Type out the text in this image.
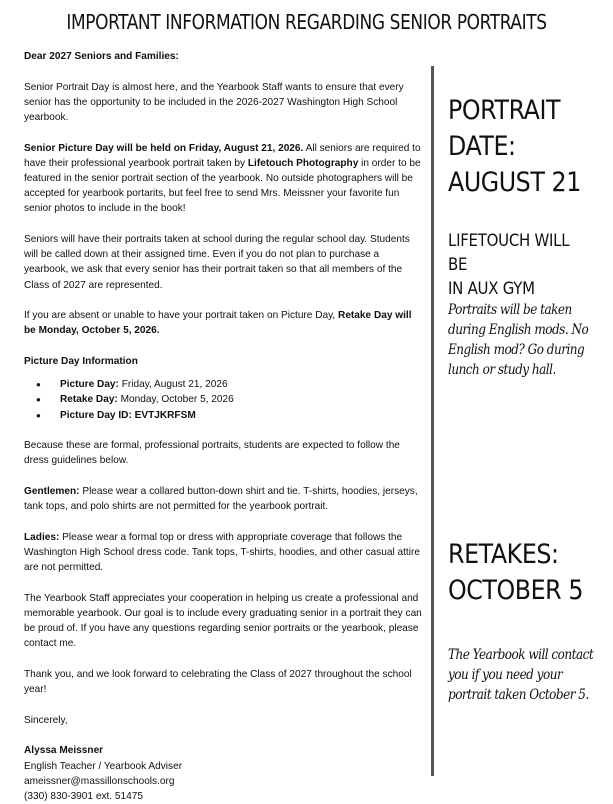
IMPORTANT INFORMATION REGARDING SENIOR PORTRAITS

Dear 2027 Seniors and Families:

Senior Portrait Day is almost here, and the Yearbook Staff wants to ensure that every senior has the opportunity to be included in the 2026-2027 Washington High School yearbook.

Senior Picture Day will be held on Friday, August 21, 2026. All seniors are required to have their professional yearbook portrait taken by Lifetouch Photography in order to be featured in the senior portrait section of the yearbook. No outside photographers will be accepted for yearbook portarits, but feel free to send Mrs. Meissner your favorite fun senior photos to include in the book!

Seniors will have their portraits taken at school during the regular school day. Students will be called down at their assigned time. Even if you do not plan to purchase a yearbook, we ask that every senior has their portrait taken so that all members of the Class of 2027 are represented.

If you are absent or unable to have your portrait taken on Picture Day, Retake Day will be Monday, October 5, 2026.

Picture Day Information

● Picture Day: Friday, August 21, 2026
● Retake Day: Monday, October 5, 2026
● Picture Day ID: EVTJKRFSM

Because these are formal, professional portraits, students are expected to follow the dress guidelines below.

Gentlemen: Please wear a collared button-down shirt and tie. T-shirts, hoodies, jerseys, tank tops, and polo shirts are not permitted for the yearbook portrait.

Ladies: Please wear a formal top or dress with appropriate coverage that follows the Washington High School dress code. Tank tops, T-shirts, hoodies, and other casual attire are not permitted.

The Yearbook Staff appreciates your cooperation in helping us create a professional and memorable yearbook. Our goal is to include every graduating senior in a portrait they can be proud of. If you have any questions regarding senior portraits or the yearbook, please contact me.

Thank you, and we look forward to celebrating the Class of 2027 throughout the school year!

Sincerely,

Alyssa Meissner
English Teacher / Yearbook Adviser
ameissner@massillonschools.org
(330) 830-3901 ext. 51475
PORTRAIT
DATE:
AUGUST 21
LIFETOUCH WILL BE
IN AUX GYM
Portraits will be taken during English mods. No English mod? Go during lunch or study hall.
RETAKES:
OCTOBER 5
The Yearbook will contact you if you need your portrait taken October 5.
